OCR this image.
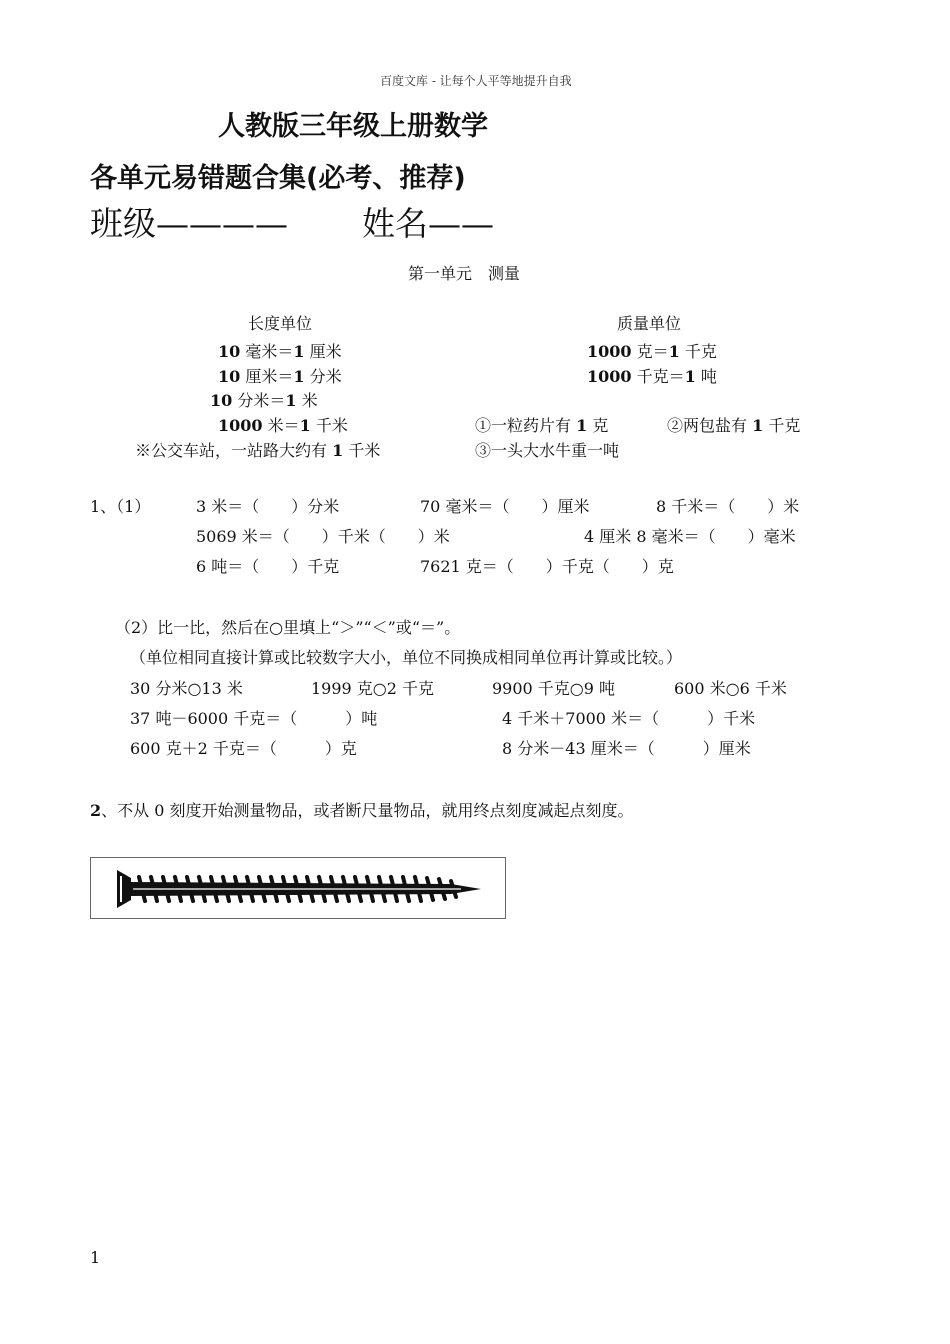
百度文库 - 让每个人平等地提升自我
人教版三年级上册数学
各单元易错题合集(必考、推荐)
班级———— 姓名——
第一单元　测量
长度单位
10 毫米＝1 厘米
10 厘米＝1 分米
10 分米＝1 米
1000 米＝1 千米
※公交车站，一站路大约有 1 千米
质量单位
1000 克＝1 千克
1000 千克＝1 吨
①一粒药片有 1 克	②两包盐有 1 千克
③一头大水牛重一吨
1、（1）	3 米＝（　　）分米	70 毫米＝（　　）厘米	8 千米＝（　　）米
5069 米＝（　　）千米（　　）米	4 厘米 8 毫米＝（　　）毫米
6 吨＝（　　）千克	7621 克＝（　　）千克（　　）克
（2）比一比，然后在○里填上“＞”“＜”或“＝”。
（单位相同直接计算或比较数字大小，单位不同换成相同单位再计算或比较。）
30 分米○13 米	1999 克○2 千克	9900 千克○9 吨	600 米○6 千米
37 吨－6000 千克＝（　　　）吨	4 千米＋7000 米＝（　　　）千米
600 克＋2 千克＝（　　　）克	8 分米－43 厘米＝（　　　）厘米
2、不从 0 刻度开始测量物品，或者断尺量物品，就用终点刻度减起点刻度。
1
